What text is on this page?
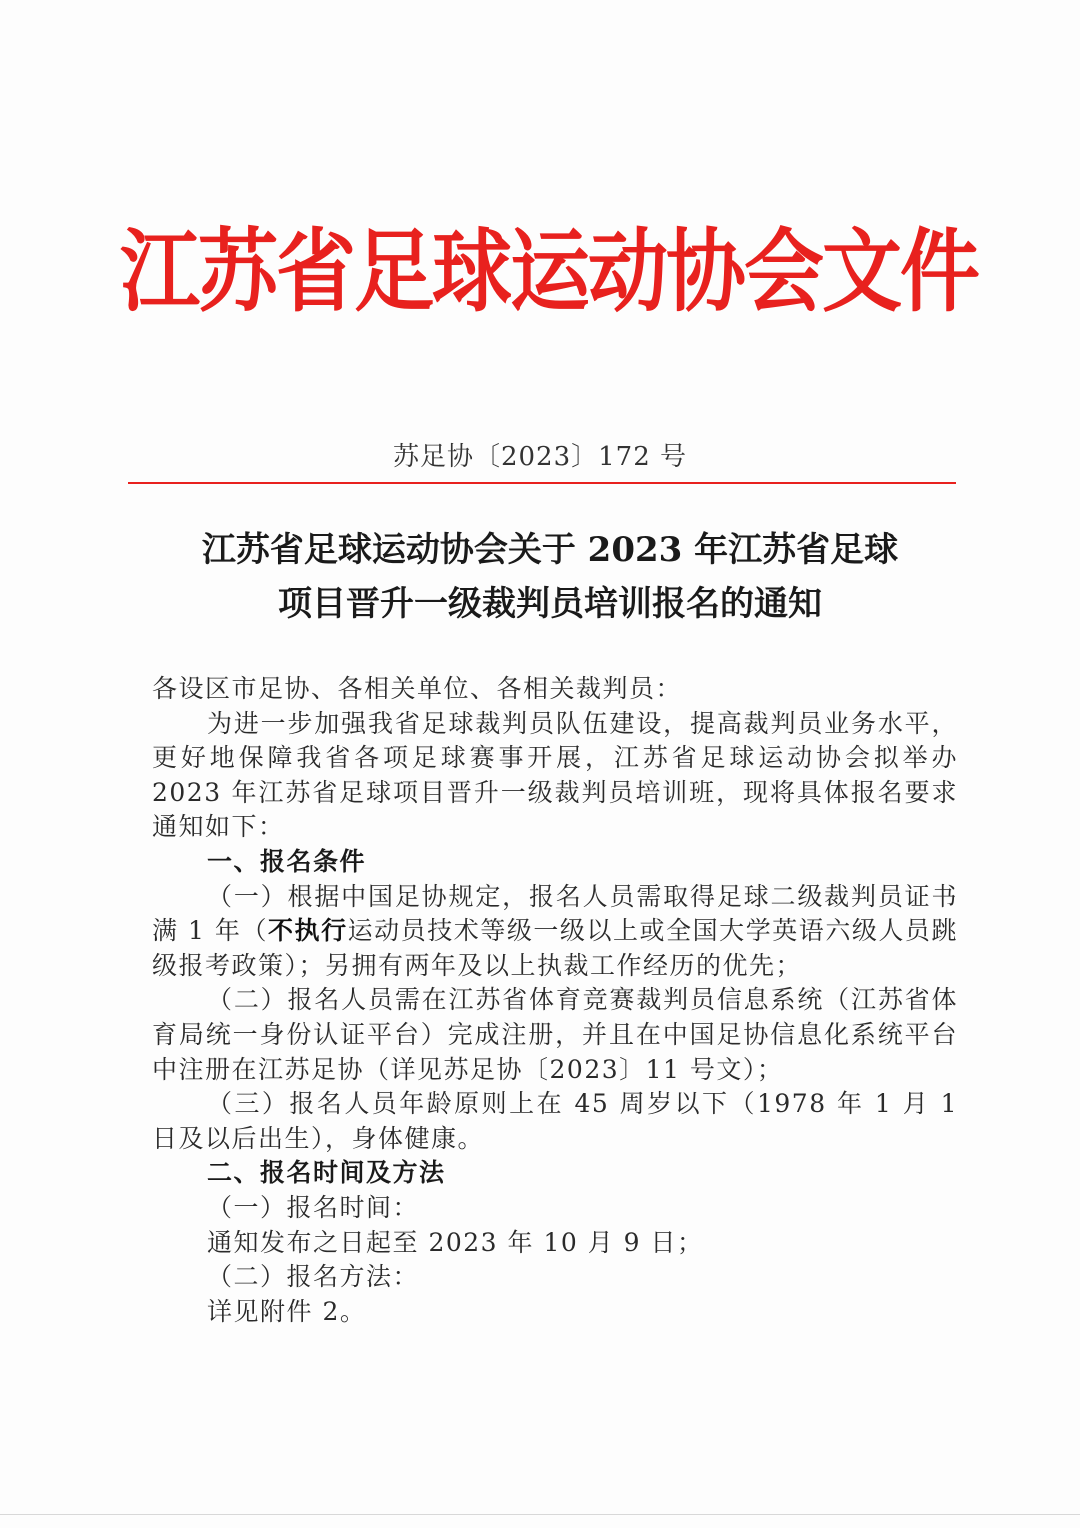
江苏省足球运动协会文件
苏足协〔2023〕172 号
江苏省足球运动协会关于 2023 年江苏省足球
项目晋升一级裁判员培训报名的通知

各设区市足协、各相关单位、各相关裁判员：

为进一步加强我省足球裁判员队伍建设，提高裁判员业务水平，更好地保障我省各项足球赛事开展，江苏省足球运动协会拟举办 2023 年江苏省足球项目晋升一级裁判员培训班，现将具体报名要求通知如下：

一、报名条件

（一）根据中国足协规定，报名人员需取得足球二级裁判员证书满 1 年（不执行运动员技术等级一级以上或全国大学英语六级人员跳级报考政策）；另拥有两年及以上执裁工作经历的优先；

（二）报名人员需在江苏省体育竞赛裁判员信息系统（江苏省体育局统一身份认证平台）完成注册，并且在中国足协信息化系统平台中注册在江苏足协（详见苏足协〔2023〕11 号文）；

（三）报名人员年龄原则上在 45 周岁以下（1978 年 1 月 1 日及以后出生），身体健康。

二、报名时间及方法

（一）报名时间：

通知发布之日起至 2023 年 10 月 9 日；

（二）报名方法：

详见附件 2。
